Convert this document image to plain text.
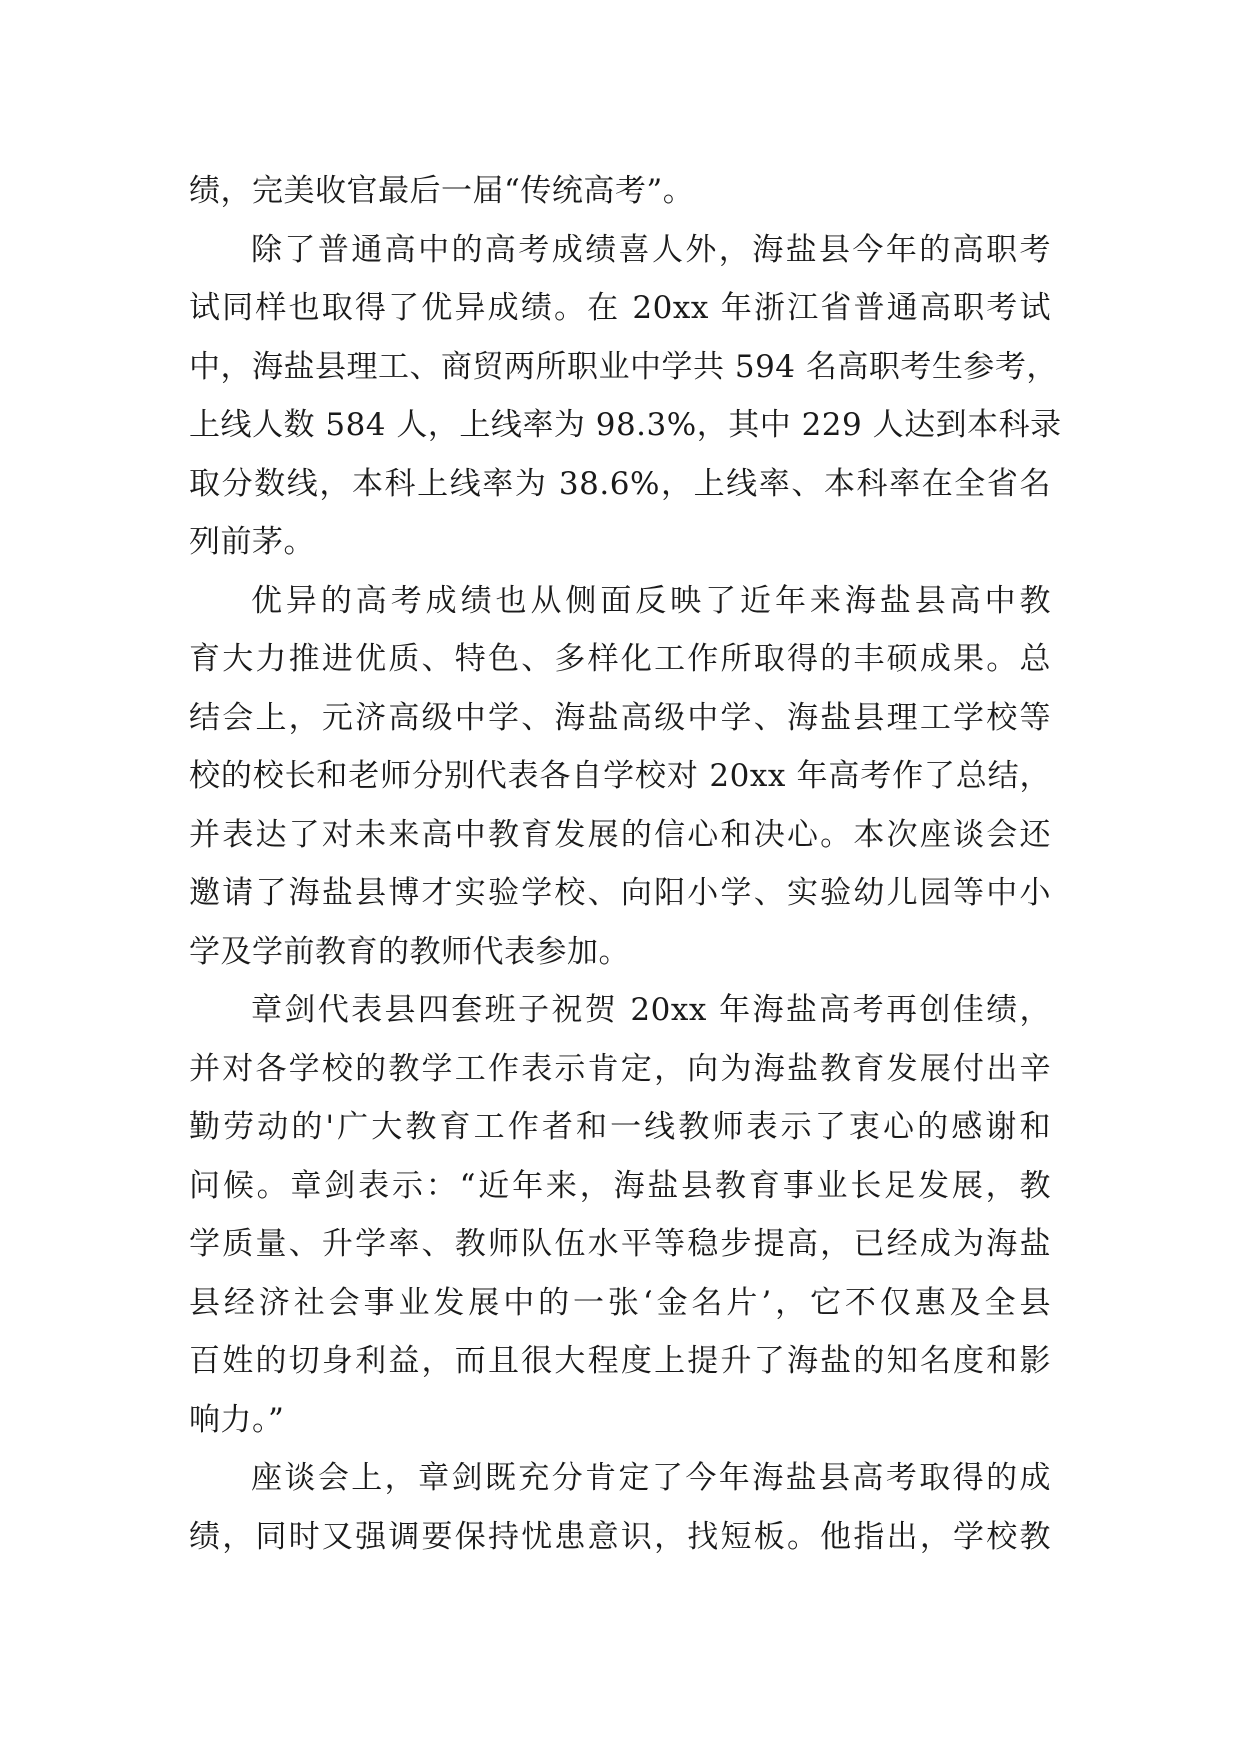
绩，完美收官最后一届“传统高考”。
除了普通高中的高考成绩喜人外，海盐县今年的高职考
试同样也取得了优异成绩。在 20xx 年浙江省普通高职考试
中，海盐县理工、商贸两所职业中学共 594 名高职考生参考，
上线人数 584 人，上线率为 98.3%，其中 229 人达到本科录
取分数线，本科上线率为 38.6%，上线率、本科率在全省名
列前茅。
优异的高考成绩也从侧面反映了近年来海盐县高中教
育大力推进优质、特色、多样化工作所取得的丰硕成果。总
结会上，元济高级中学、海盐高级中学、海盐县理工学校等
校的校长和老师分别代表各自学校对 20xx 年高考作了总结，
并表达了对未来高中教育发展的信心和决心。本次座谈会还
邀请了海盐县博才实验学校、向阳小学、实验幼儿园等中小
学及学前教育的教师代表参加。
章剑代表县四套班子祝贺 20xx 年海盐高考再创佳绩，
并对各学校的教学工作表示肯定，向为海盐教育发展付出辛
勤劳动的'广大教育工作者和一线教师表示了衷心的感谢和
问候。章剑表示：“近年来，海盐县教育事业长足发展，教
学质量、升学率、教师队伍水平等稳步提高，已经成为海盐
县经济社会事业发展中的一张‘金名片’，它不仅惠及全县
百姓的切身利益，而且很大程度上提升了海盐的知名度和影
响力。”
座谈会上，章剑既充分肯定了今年海盐县高考取得的成
绩，同时又强调要保持忧患意识，找短板。他指出，学校教
